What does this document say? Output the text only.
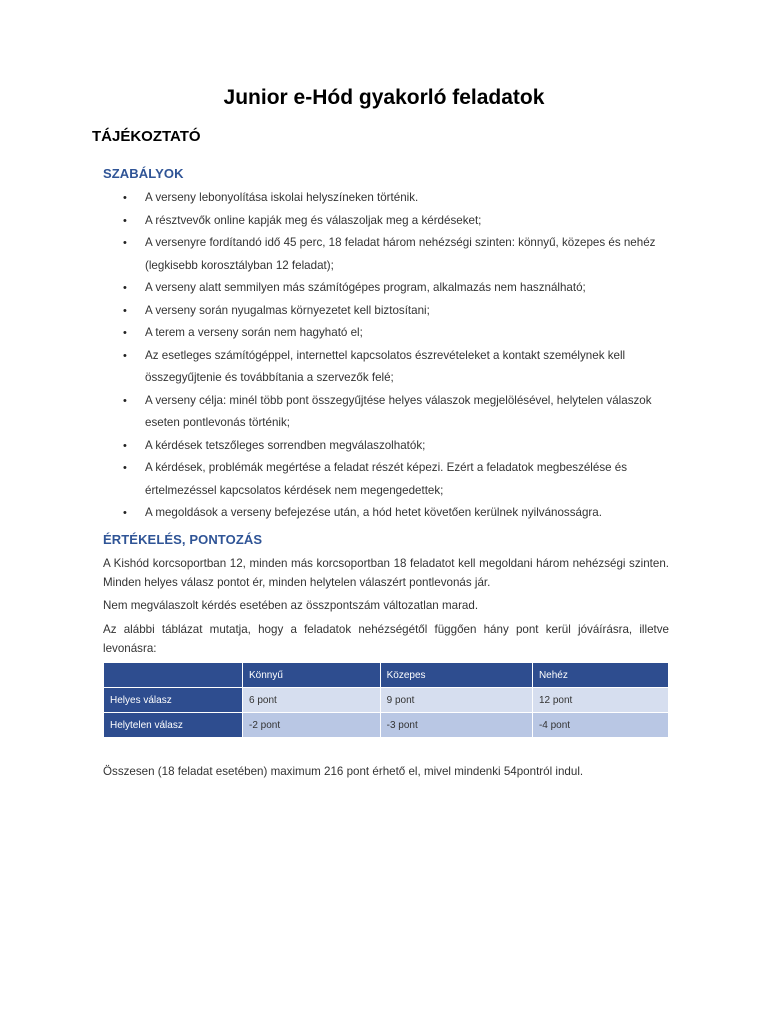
Junior e-Hód gyakorló feladatok
TÁJÉKOZTATÓ
SZABÁLYOK
• A verseny lebonyolítása iskolai helyszíneken történik.
• A résztvevők online kapják meg és válaszoljak meg a kérdéseket;
• A versenyre fordítandó idő 45 perc, 18 feladat három nehézségi szinten: könnyű, közepes és nehéz (legkisebb korosztályban 12 feladat);
• A verseny alatt semmilyen más számítógépes program, alkalmazás nem használható;
• A verseny során nyugalmas környezetet kell biztosítani;
• A terem a verseny során nem hagyható el;
• Az esetleges számítógéppel, internettel kapcsolatos észrevételeket a kontakt személynek kell összegyűjtenie és továbbítania a szervezők felé;
• A verseny célja: minél több pont összegyűjtése helyes válaszok megjelölésével, helytelen válaszok eseten pontlevonás történik;
• A kérdések tetszőleges sorrendben megválaszolhatók;
• A kérdések, problémák megértése a feladat részét képezi. Ezért a feladatok megbeszélése és értelmezéssel kapcsolatos kérdések nem megengedettek;
• A megoldások a verseny befejezése után, a hód hetet követően kerülnek nyilvánosságra.
ÉRTÉKELÉS, PONTOZÁS

A Kishód korcsoportban 12, minden más korcsoportban 18 feladatot kell megoldani három nehézségi szinten. Minden helyes válasz pontot ér, minden helytelen válaszért pontlevonás jár.

Nem megválaszolt kérdés esetében az összpontszám változatlan marad.

Az alábbi táblázat mutatja, hogy a feladatok nehézségétől függően hány pont kerül jóváírásra, illetve levonásra:

	Könnyű	Közepes	Nehéz
Helyes válasz	6 pont	9 pont	12 pont
Helytelen válasz	-2 pont	-3 pont	-4 pont

Összesen (18 feladat esetében) maximum 216 pont érhető el, mivel mindenki 54pontról indul.
